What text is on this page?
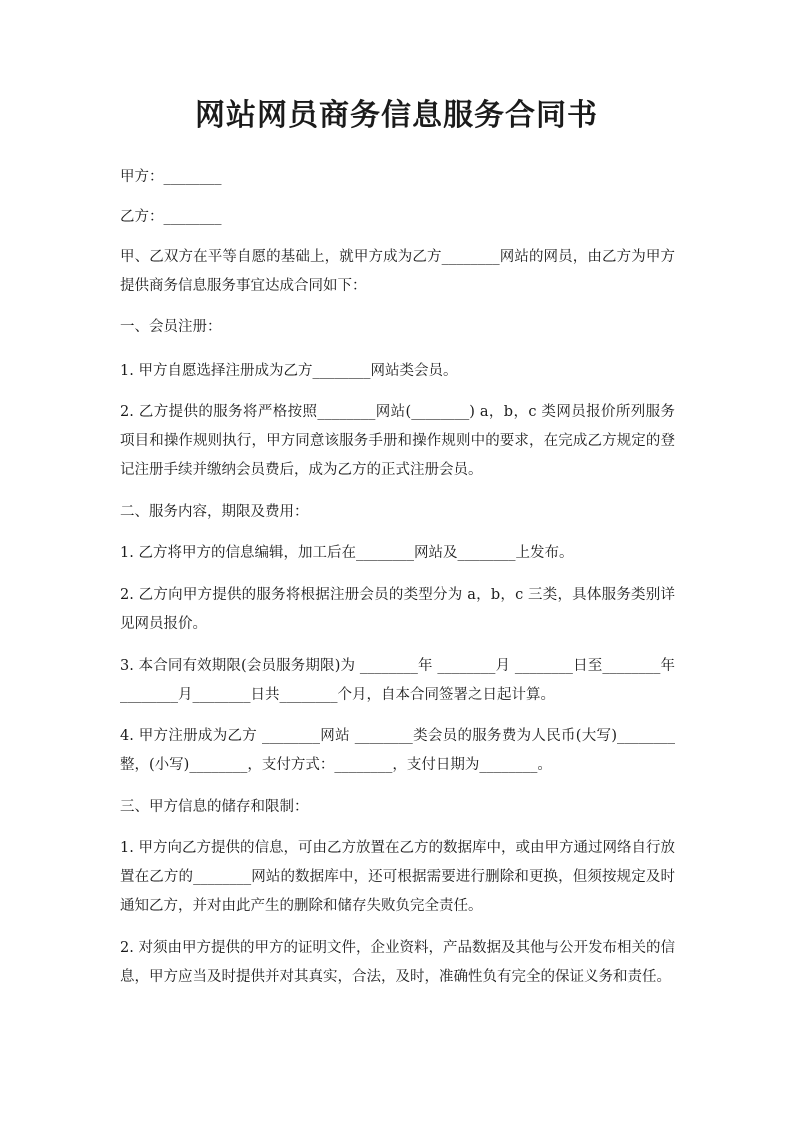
网站网员商务信息服务合同书

甲方：________

乙方：________

甲、乙双方在平等自愿的基础上，就甲方成为乙方________网站的网员，由乙方为甲方提供商务信息服务事宜达成合同如下：

一、会员注册：

1. 甲方自愿选择注册成为乙方________网站类会员。

2. 乙方提供的服务将严格按照________网站(________) a，b，c 类网员报价所列服务项目和操作规则执行，甲方同意该服务手册和操作规则中的要求，在完成乙方规定的登记注册手续并缴纳会员费后，成为乙方的正式注册会员。

二、服务内容，期限及费用：

1. 乙方将甲方的信息编辑，加工后在________网站及________上发布。

2. 乙方向甲方提供的服务将根据注册会员的类型分为 a，b，c 三类，具体服务类别详见网员报价。

3. 本合同有效期限(会员服务期限)为 ________年 ________月 ________日至________年________月________日共________个月，自本合同签署之日起计算。

4. 甲方注册成为乙方 ________网站 ________类会员的服务费为人民币(大写)________整，(小写)________，支付方式：________，支付日期为________。

三、甲方信息的储存和限制：

1. 甲方向乙方提供的信息，可由乙方放置在乙方的数据库中，或由甲方通过网络自行放置在乙方的________网站的数据库中，还可根据需要进行删除和更换，但须按规定及时通知乙方，并对由此产生的删除和储存失败负完全责任。

2. 对须由甲方提供的甲方的证明文件，企业资料，产品数据及其他与公开发布相关的信息，甲方应当及时提供并对其真实，合法，及时，准确性负有完全的保证义务和责任。
